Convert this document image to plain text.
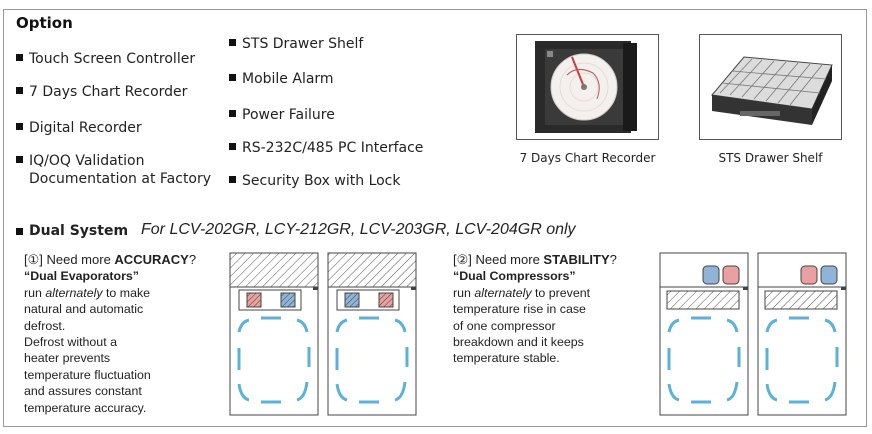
Option
Touch Screen Controller
7 Days Chart Recorder
Digital Recorder
IQ/OQ Validation
Documentation at Factory
STS Drawer Shelf
Mobile Alarm
Power Failure
RS-232C/485 PC Interface
Security Box with Lock
7 Days Chart Recorder	STS Drawer Shelf
Dual System For LCV-202GR, LCY-212GR, LCV-203GR, LCV-204GR only
[①] Need more ACCURACY?
“Dual Evaporators”
run alternately to make
natural and automatic
defrost.
Defrost without a
heater prevents
temperature fluctuation
and assures constant
temperature accuracy.
[②] Need more STABILITY?
“Dual Compressors”
run alternately to prevent
temperature rise in case
of one compressor
breakdown and it keeps
temperature stable.
